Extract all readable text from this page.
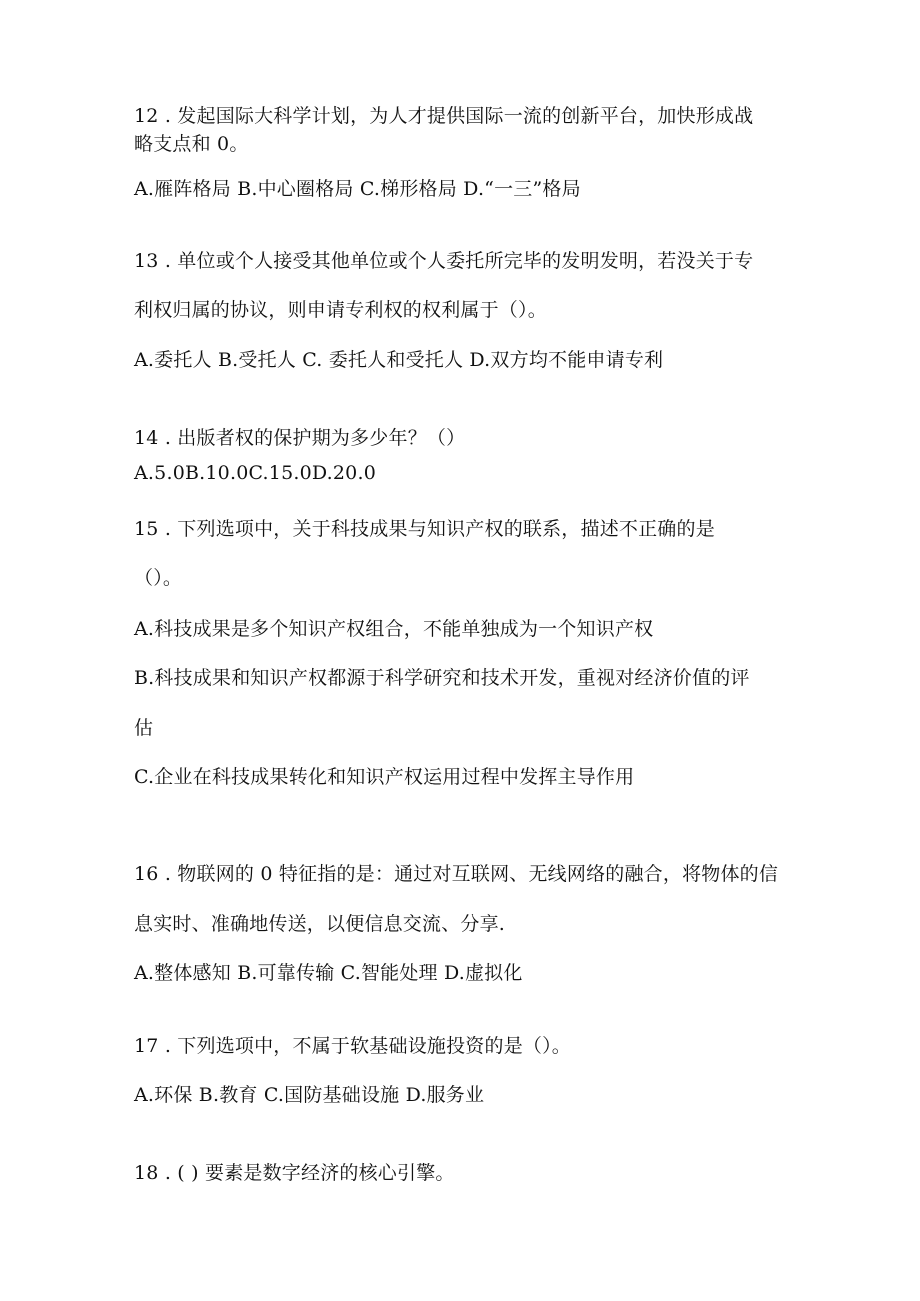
12 . 发起国际大科学计划，为人才提供国际一流的创新平台，加快形成战
略支点和 0。
A.雁阵格局 B.中心圈格局 C.梯形格局 D.“一三”格局
13 . 单位或个人接受其他单位或个人委托所完毕的发明发明，若没关于专
利权归属的协议，则申请专利权的权利属于（）。
A.委托人 B.受托人 C. 委托人和受托人 D.双方均不能申请专利
14 . 出版者权的保护期为多少年？（）
A.5.0B.10.0C.15.0D.20.0
15 . 下列选项中，关于科技成果与知识产权的联系，描述不正确的是
（）。
A.科技成果是多个知识产权组合，不能单独成为一个知识产权
B.科技成果和知识产权都源于科学研究和技术开发，重视对经济价值的评
估
C.企业在科技成果转化和知识产权运用过程中发挥主导作用
16 . 物联网的 0 特征指的是：通过对互联网、无线网络的融合，将物体的信
息实时、准确地传送，以便信息交流、分享.
A.整体感知 B.可靠传输 C.智能处理 D.虚拟化
17 . 下列选项中，不属于软基础设施投资的是（）。
A.环保 B.教育 C.国防基础设施 D.服务业
18 . ( ) 要素是数字经济的核心引擎。
